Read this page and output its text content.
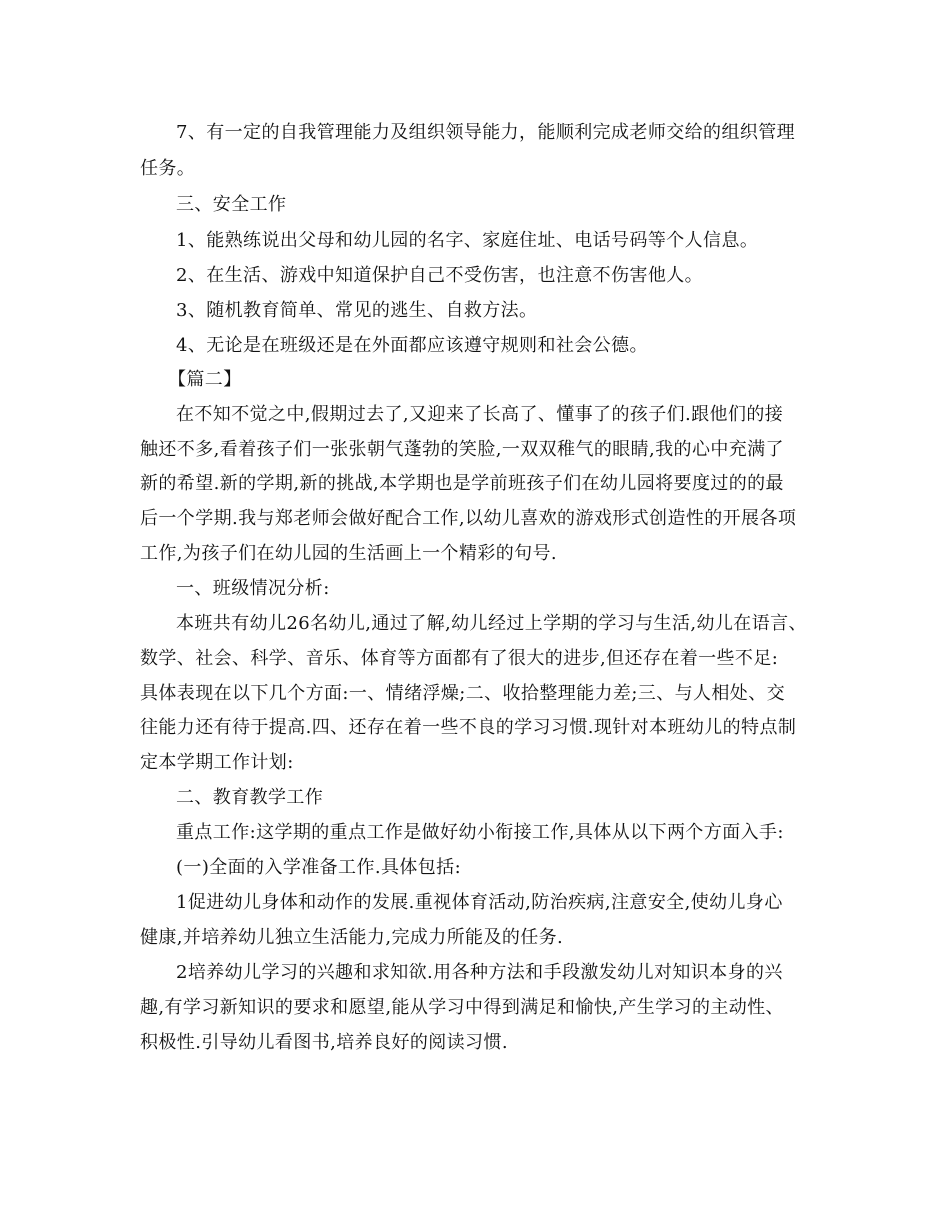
7、有一定的自我管理能力及组织领导能力，能顺利完成老师交给的组织管理
任务。
三、安全工作
1、能熟练说出父母和幼儿园的名字、家庭住址、电话号码等个人信息。
2、在生活、游戏中知道保护自己不受伤害，也注意不伤害他人。
3、随机教育简单、常见的逃生、自救方法。
4、无论是在班级还是在外面都应该遵守规则和社会公德。
【篇二】
在不知不觉之中,假期过去了,又迎来了长高了、懂事了的孩子们.跟他们的接
触还不多,看着孩子们一张张朝气蓬勃的笑脸,一双双稚气的眼睛,我的心中充满了
新的希望.新的学期,新的挑战,本学期也是学前班孩子们在幼儿园将要度过的的最
后一个学期.我与郑老师会做好配合工作,以幼儿喜欢的游戏形式创造性的开展各项
工作,为孩子们在幼儿园的生活画上一个精彩的句号.
一、班级情况分析:
本班共有幼儿26名幼儿,通过了解,幼儿经过上学期的学习与生活,幼儿在语言、
数学、社会、科学、音乐、体育等方面都有了很大的进步,但还存在着一些不足:
具体表现在以下几个方面:一、情绪浮燥;二、收拾整理能力差;三、与人相处、交
往能力还有待于提高.四、还存在着一些不良的学习习惯.现针对本班幼儿的特点制
定本学期工作计划:
二、教育教学工作
重点工作:这学期的重点工作是做好幼小衔接工作,具体从以下两个方面入手:
(一)全面的入学准备工作.具体包括:
1促进幼儿身体和动作的发展.重视体育活动,防治疾病,注意安全,使幼儿身心
健康,并培养幼儿独立生活能力,完成力所能及的任务.
2培养幼儿学习的兴趣和求知欲.用各种方法和手段激发幼儿对知识本身的兴
趣,有学习新知识的要求和愿望,能从学习中得到满足和愉快,产生学习的主动性、
积极性.引导幼儿看图书,培养良好的阅读习惯.
